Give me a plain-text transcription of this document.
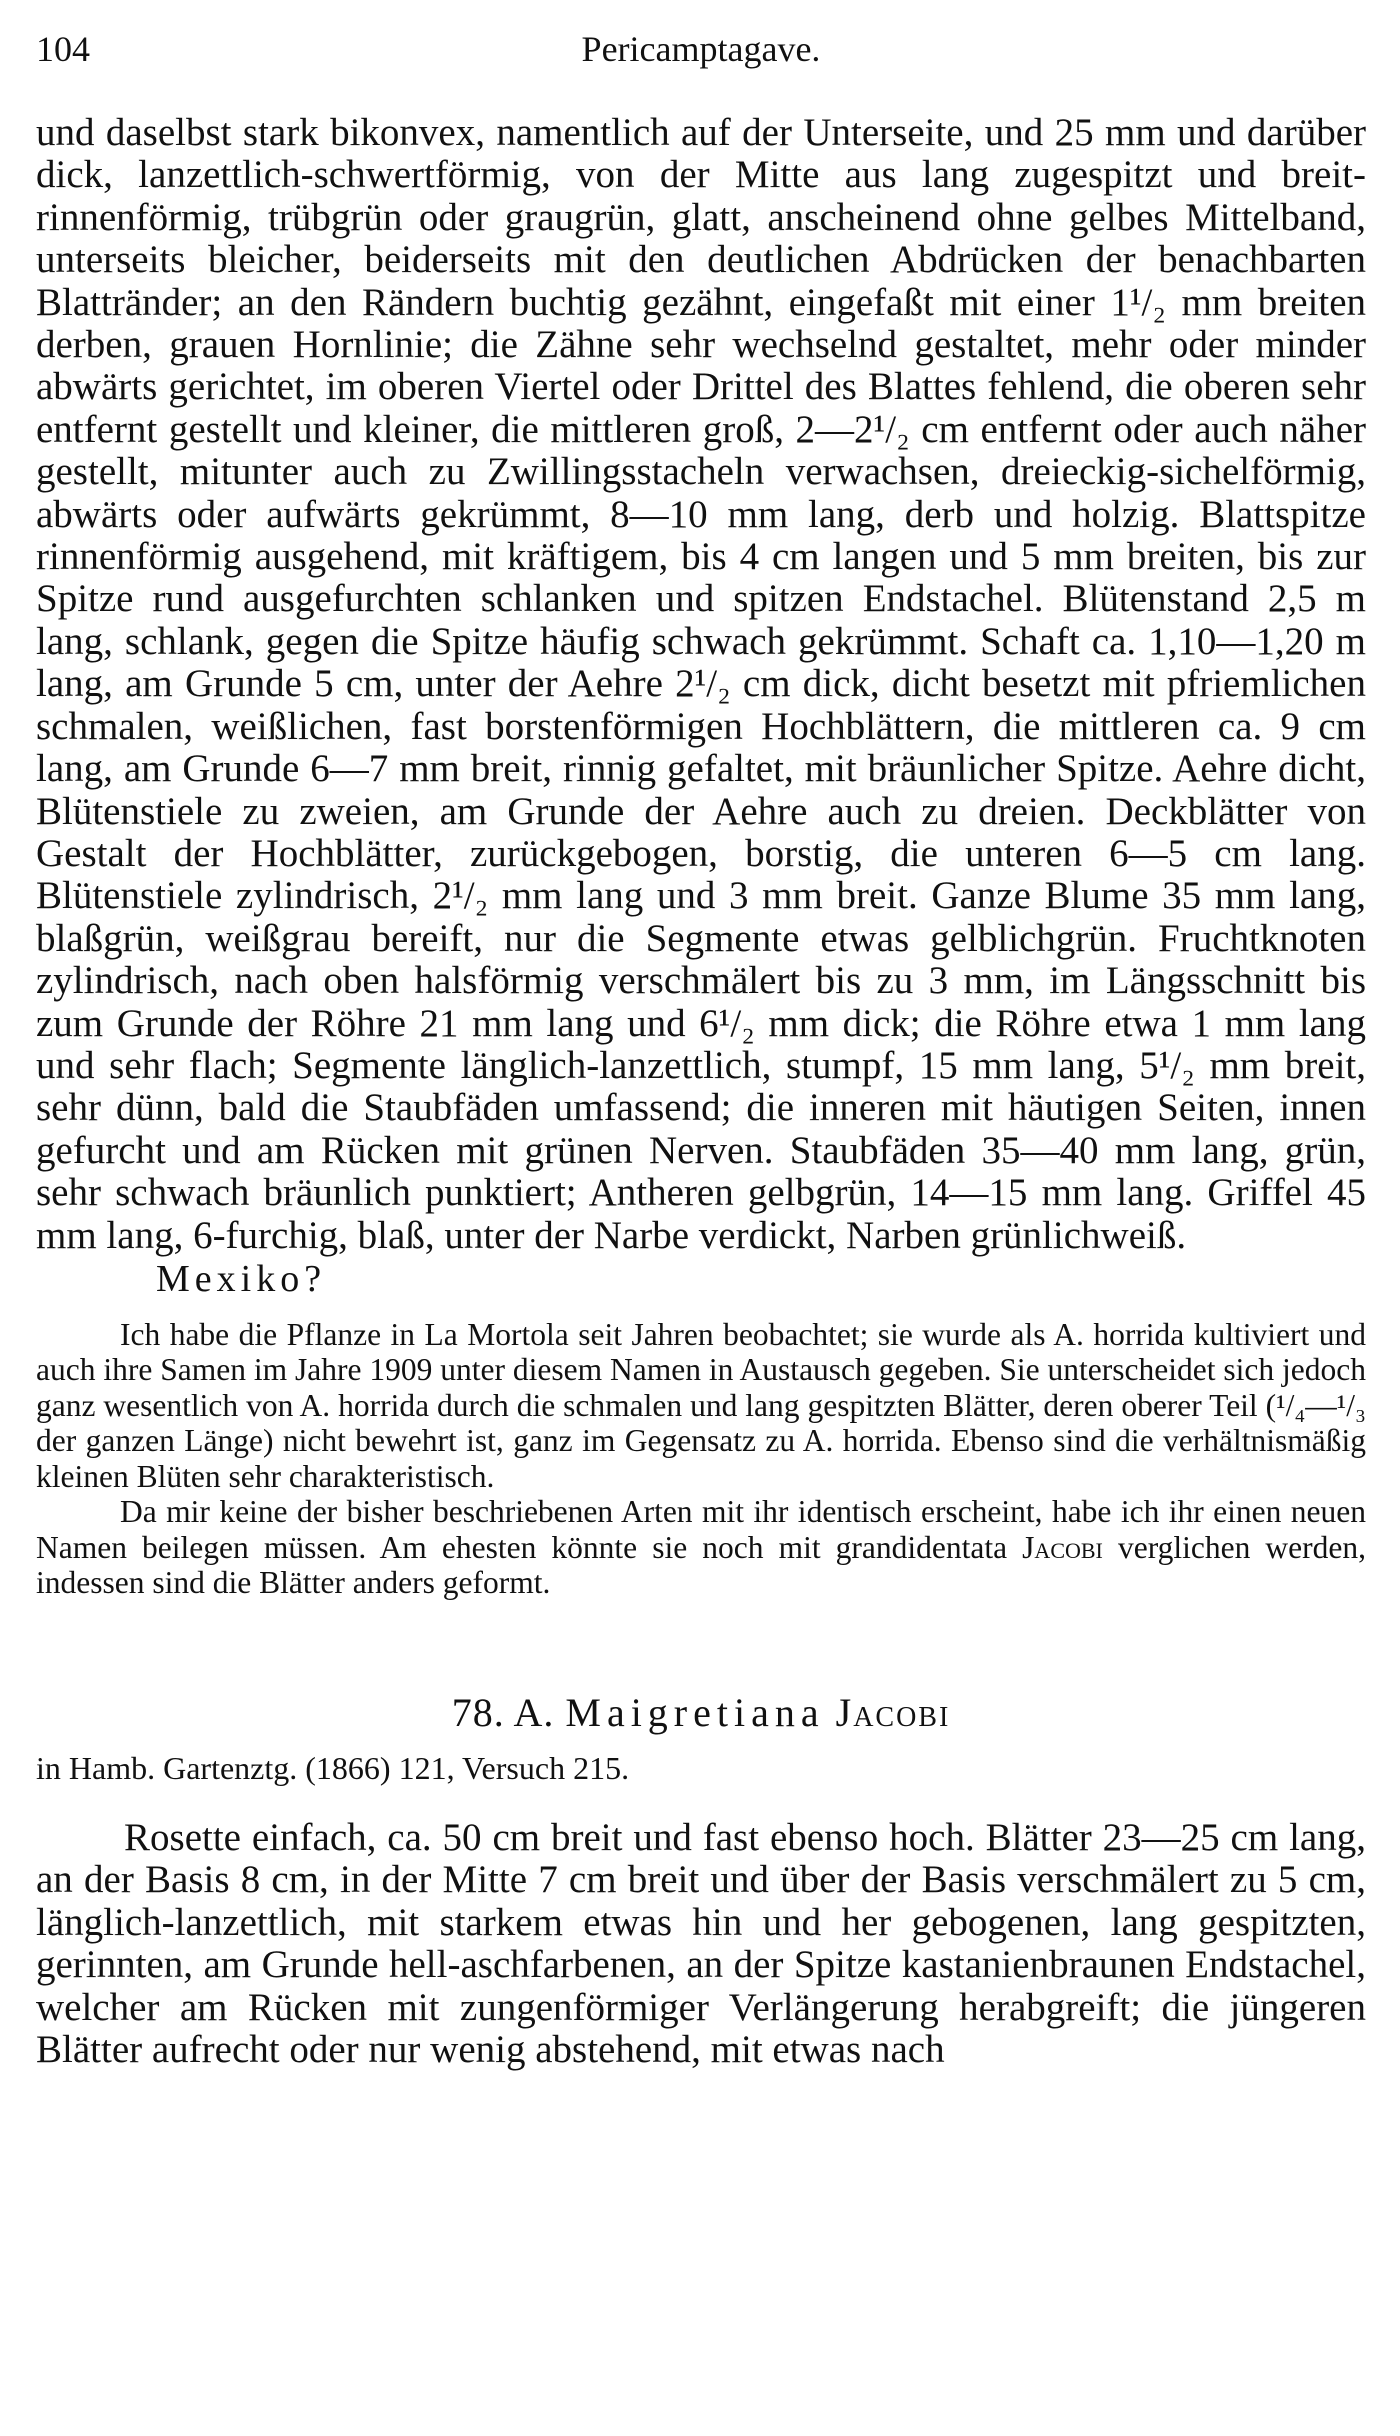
104	Pericamptagave.

und daselbst stark bikonvex, namentlich auf der Unterseite, und 25 mm und darüber dick, lanzettlich-schwertförmig, von der Mitte aus lang zugespitzt und breit-rinnenförmig, trübgrün oder graugrün, glatt, anscheinend ohne gelbes Mittelband, unterseits bleicher, beiderseits mit den deutlichen Abdrücken der benachbarten Blattränder; an den Rändern buchtig gezähnt, eingefaßt mit einer 1¹/₂ mm breiten derben, grauen Hornlinie; die Zähne sehr wechselnd gestaltet, mehr oder minder abwärts gerichtet, im oberen Viertel oder Drittel des Blattes fehlend, die oberen sehr entfernt gestellt und kleiner, die mittleren groß, 2—2¹/₂ cm entfernt oder auch näher gestellt, mitunter auch zu Zwillingsstacheln verwachsen, dreieckig-sichelförmig, abwärts oder aufwärts gekrümmt, 8—10 mm lang, derb und holzig. Blattspitze rinnenförmig ausgehend, mit kräftigem, bis 4 cm langen und 5 mm breiten, bis zur Spitze rund ausgefurchten schlanken und spitzen Endstachel. Blütenstand 2,5 m lang, schlank, gegen die Spitze häufig schwach gekrümmt. Schaft ca. 1,10—1,20 m lang, am Grunde 5 cm, unter der Aehre 2¹/₂ cm dick, dicht besetzt mit pfriemlichen schmalen, weißlichen, fast borstenförmigen Hochblättern, die mittleren ca. 9 cm lang, am Grunde 6—7 mm breit, rinnig gefaltet, mit bräunlicher Spitze. Aehre dicht, Blütenstiele zu zweien, am Grunde der Aehre auch zu dreien. Deckblätter von Gestalt der Hochblätter, zurückgebogen, borstig, die unteren 6—5 cm lang. Blütenstiele zylindrisch, 2¹/₂ mm lang und 3 mm breit. Ganze Blume 35 mm lang, blaßgrün, weißgrau bereift, nur die Segmente etwas gelblichgrün. Fruchtknoten zylindrisch, nach oben halsförmig verschmälert bis zu 3 mm, im Längsschnitt bis zum Grunde der Röhre 21 mm lang und 6¹/₂ mm dick; die Röhre etwa 1 mm lang und sehr flach; Segmente länglich-lanzettlich, stumpf, 15 mm lang, 5¹/₂ mm breit, sehr dünn, bald die Staubfäden umfassend; die inneren mit häutigen Seiten, innen gefurcht und am Rücken mit grünen Nerven. Staubfäden 35—40 mm lang, grün, sehr schwach bräunlich punktiert; Antheren gelbgrün, 14—15 mm lang. Griffel 45 mm lang, 6-furchig, blaß, unter der Narbe verdickt, Narben grünlichweiß.

Mexiko?

Ich habe die Pflanze in La Mortola seit Jahren beobachtet; sie wurde als A. horrida kultiviert und auch ihre Samen im Jahre 1909 unter diesem Namen in Austausch gegeben. Sie unterscheidet sich jedoch ganz wesentlich von A. horrida durch die schmalen und lang gespitzten Blätter, deren oberer Teil (¹/₄—¹/₃ der ganzen Länge) nicht bewehrt ist, ganz im Gegensatz zu A. horrida. Ebenso sind die verhältnismäßig kleinen Blüten sehr charakteristisch.

Da mir keine der bisher beschriebenen Arten mit ihr identisch erscheint, habe ich ihr einen neuen Namen beilegen müssen. Am ehesten könnte sie noch mit grandidentata Jacobi verglichen werden, indessen sind die Blätter anders geformt.

78. A. Maigretiana Jacobi
in Hamb. Gartenztg. (1866) 121, Versuch 215.

Rosette einfach, ca. 50 cm breit und fast ebenso hoch. Blätter 23—25 cm lang, an der Basis 8 cm, in der Mitte 7 cm breit und über der Basis verschmälert zu 5 cm, länglich-lanzettlich, mit starkem etwas hin und her gebogenen, lang gespitzten, gerinnten, am Grunde hell-aschfarbenen, an der Spitze kastanienbraunen Endstachel, welcher am Rücken mit zungenförmiger Verlängerung herabgreift; die jüngeren Blätter aufrecht oder nur wenig abstehend, mit etwas nach
